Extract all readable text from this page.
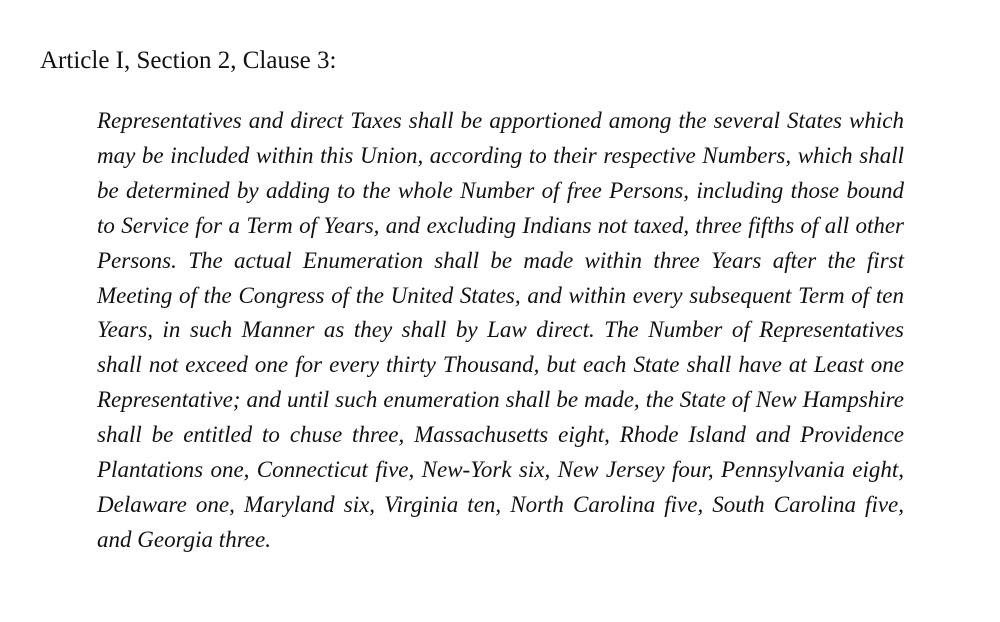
Article I, Section 2, Clause 3:

Representatives and direct Taxes shall be apportioned among the several States which may be included within this Union, according to their respective Numbers, which shall be determined by adding to the whole Number of free Persons, including those bound to Service for a Term of Years, and excluding Indians not taxed, three fifths of all other Persons. The actual Enumeration shall be made within three Years after the first Meeting of the Congress of the United States, and within every subsequent Term of ten Years, in such Manner as they shall by Law direct. The Number of Representatives shall not exceed one for every thirty Thousand, but each State shall have at Least one Representative; and until such enumeration shall be made, the State of New Hampshire shall be entitled to chuse three, Massachusetts eight, Rhode Island and Providence Plantations one, Connecticut five, New-York six, New Jersey four, Pennsylvania eight, Delaware one, Maryland six, Virginia ten, North Carolina five, South Carolina five, and Georgia three.
